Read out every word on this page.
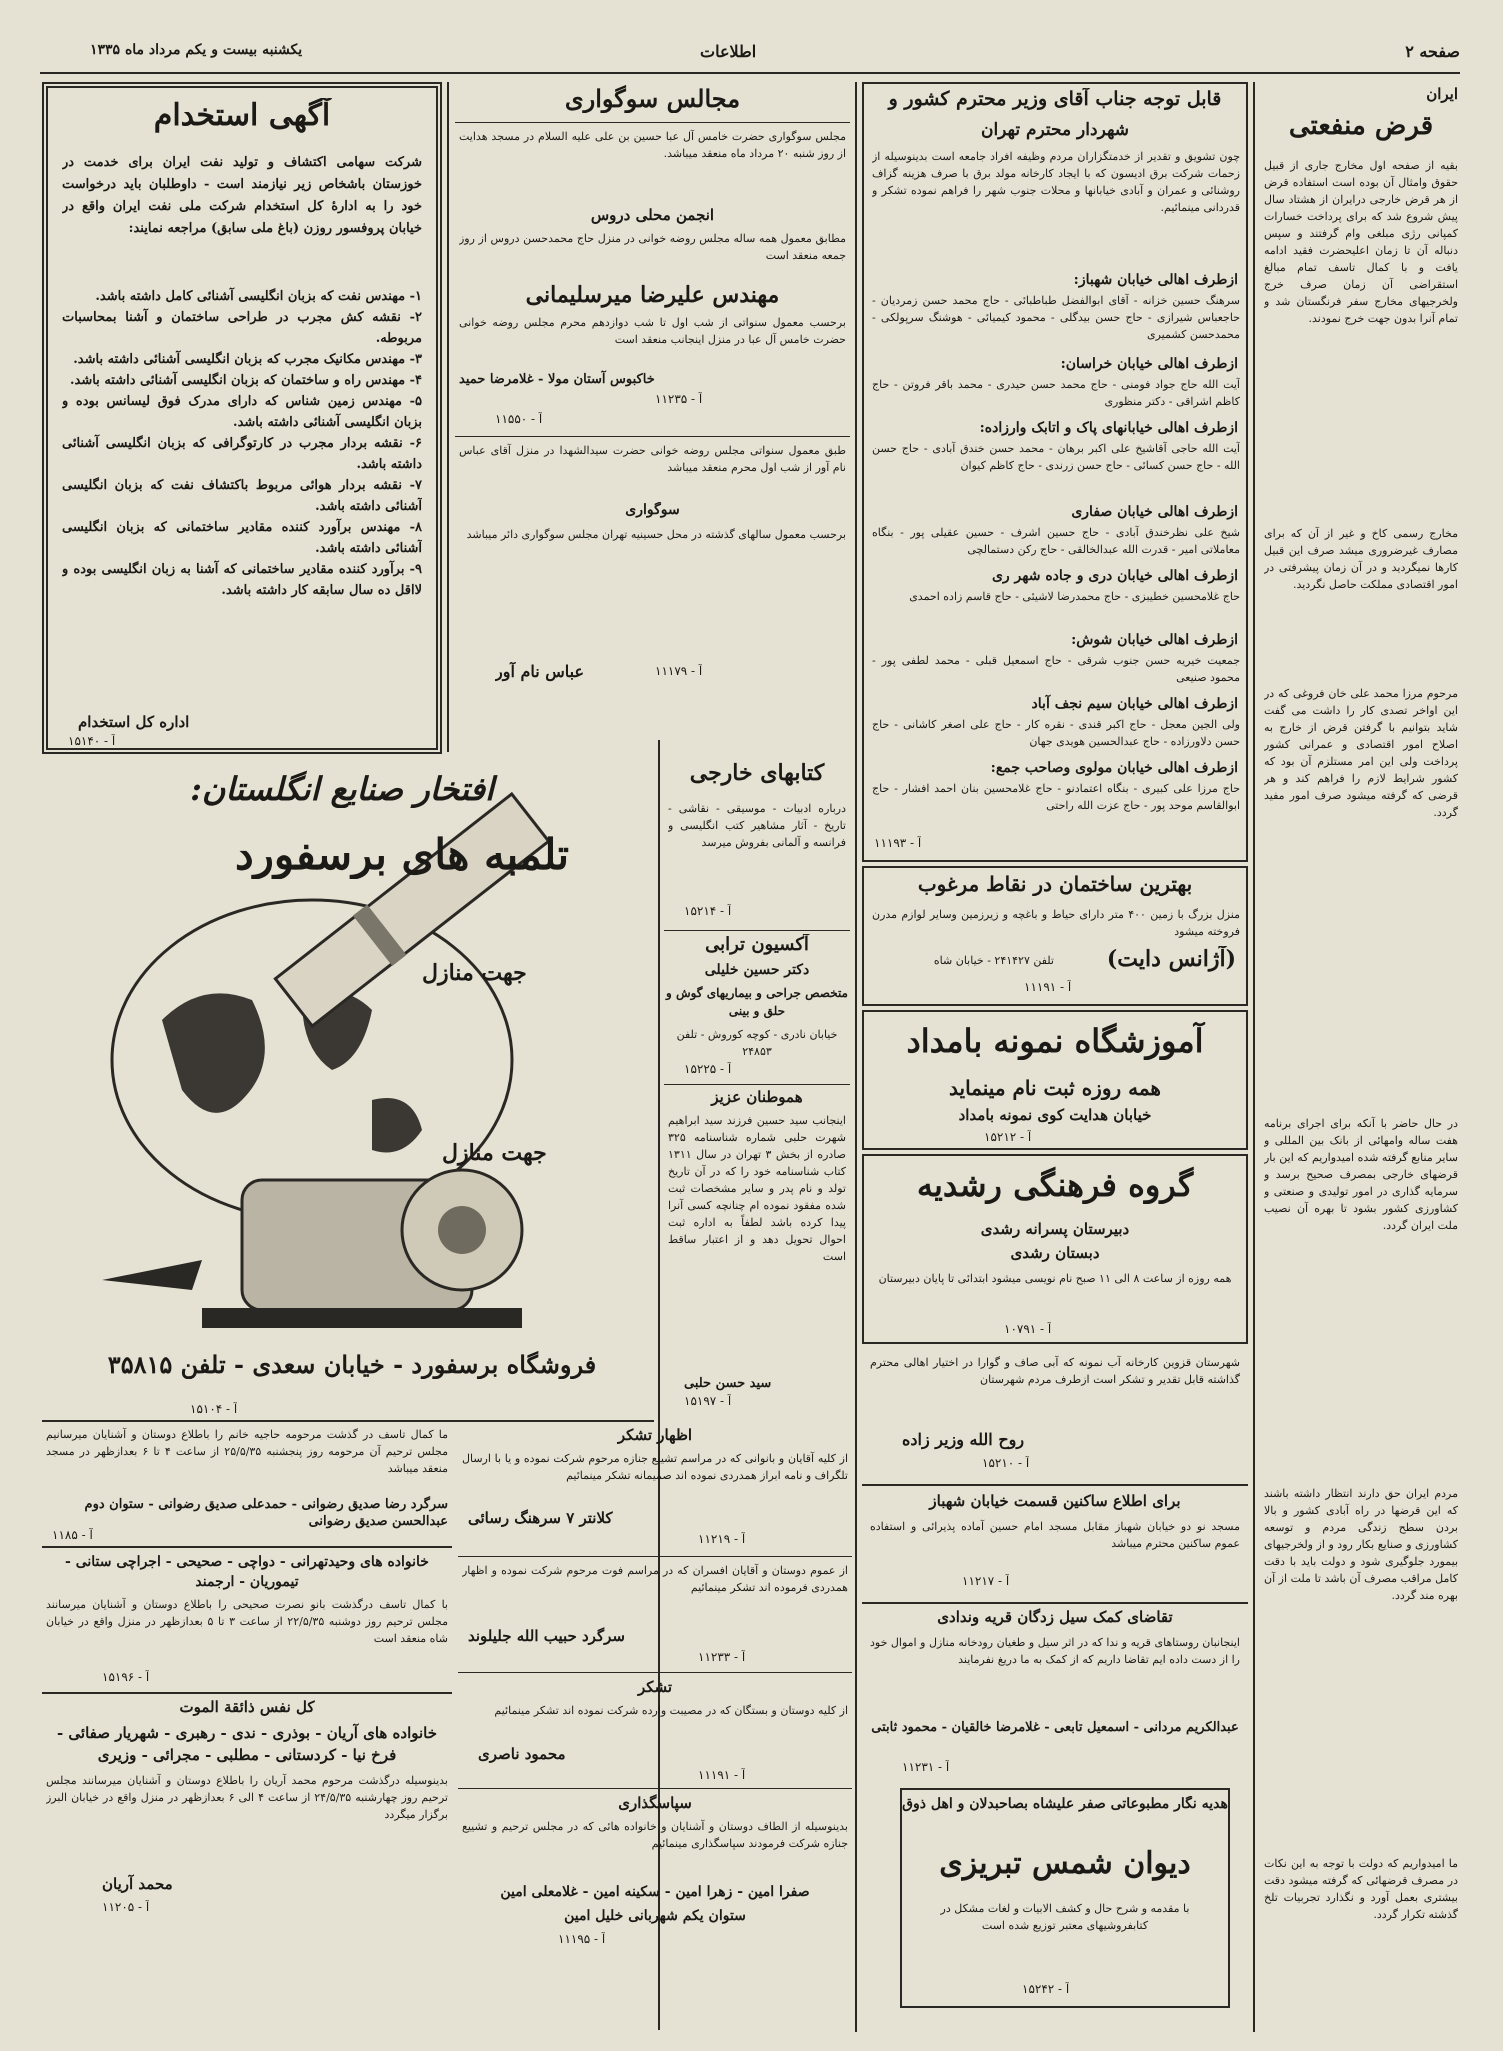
صفحه ۲
اطلاعات
یکشنبه بیست و یکم مرداد ماه ۱۳۳۵
ایران
قرض منفعتی
بقیه از صفحه اول مخارج جاری از قبیل حقوق وامثال آن بوده است استفاده قرض از هر قرض خارجی درایران از هشتاد سال پیش شروع شد که برای پرداخت خسارات کمپانی رژی مبلغی وام گرفتند و سپس دنباله آن تا زمان اعلیحضرت فقید ادامه یافت و با کمال تاسف تمام مبالغ استقراضی آن زمان صرف خرج ولخرجیهای مخارج سفر فرنگستان شد و تمام آنرا بدون جهت خرج نمودند.
مخارج رسمی کاخ و غیر از آن که برای مصارف غیرضروری میشد صرف این قبیل کارها نمیگردید و در آن زمان پیشرفتی در امور اقتصادی مملکت حاصل نگردید.
مرحوم مرزا محمد علی خان فروغی که در این اواخر تصدی کار را داشت می گفت شاید بتوانیم با گرفتن قرض از خارج به اصلاح امور اقتصادی و عمرانی کشور پرداخت ولی این امر مستلزم آن بود که کشور شرایط لازم را فراهم کند و هر قرضی که گرفته میشود صرف امور مفید گردد.
در حال حاضر با آنکه برای اجرای برنامه هفت ساله وامهائی از بانک بین المللی و سایر منابع گرفته شده امیدواریم که این بار قرضهای خارجی بمصرف صحیح برسد و سرمایه گذاری در امور تولیدی و صنعتی و کشاورزی کشور بشود تا بهره آن نصیب ملت ایران گردد.
مردم ایران حق دارند انتظار داشته باشند که این قرضها در راه آبادی کشور و بالا بردن سطح زندگی مردم و توسعه کشاورزی و صنایع بکار رود و از ولخرجیهای بیمورد جلوگیری شود و دولت باید با دقت کامل مراقب مصرف آن باشد تا ملت از آن بهره مند گردد.
ما امیدواریم که دولت با توجه به این نکات در مصرف قرضهائی که گرفته میشود دقت بیشتری بعمل آورد و نگذارد تجربیات تلخ گذشته تکرار گردد.
قابل توجه جناب آقای وزیر محترم کشور و
شهردار محترم تهران
چون تشویق و تقدیر از خدمتگزاران مردم وظیفه افراد جامعه است بدینوسیله از زحمات شرکت برق ادیسون که با ایجاد کارخانه مولد برق با صرف هزینه گزاف روشنائی و عمران و آبادی خیابانها و محلات جنوب شهر را فراهم نموده تشکر و قدردانی مینمائیم.
ازطرف اهالی خیابان شهباز:
سرهنگ حسین خزانه - آقای ابوالفضل طباطبائی - حاج محمد حسن زمردیان - حاجعباس شیرازی - حاج حسن بیدگلی - محمود کیمیائی - هوشنگ سرپولکی - محمدحسن کشمیری
ازطرف اهالی خیابان خراسان:
آیت الله حاج جواد فومنی - حاج محمد حسن حیدری - محمد باقر فروتن - حاج کاظم اشراقی - دکتر منظوری
ازطرف اهالی خیابانهای پاک و اتابک وارزاده:
آیت الله حاجی آقاشیخ علی اکبر برهان - محمد حسن خندق آبادی - حاج حسن الله - حاج حسن کسائی - حاج حسن زرندی - حاج کاظم کیوان
ازطرف اهالی خیابان صفاری
شیخ علی نظرخندق آبادی - حاج حسین اشرف - حسین عقیلی پور - بنگاه معاملاتی امیر - قدرت الله عبدالخالقی - حاج رکن دستمالچی
ازطرف اهالی خیابان دری و جاده شهر ری
حاج غلامحسین خطیبزی - حاج محمدرضا لاشیئی - حاج قاسم زاده احمدی
ازطرف اهالی خیابان شوش:
جمعیت خیریه حسن جنوب شرقی - حاج اسمعیل قبلی - محمد لطفی پور - محمود صنیعی
ازطرف اهالی خیابان سیم نجف آباد
ولی الجین معجل - حاج اکبر قندی - نقره کار - حاج علی اصغر کاشانی - حاج حسن دلاورزاده - حاج عبدالحسین هویدی جهان
ازطرف اهالی خیابان مولوی وصاحب جمع:
حاج مرزا علی کبیری - بنگاه اعتمادنو - حاج غلامحسین بنان احمد افشار - حاج ابوالقاسم موحد پور - حاج عزت الله راحتی
آ - ۱۱۱۹۳
بهترین ساختمان در نقاط مرغوب
منزل بزرگ با زمین ۴۰۰ متر دارای حیاط و باغچه و زیرزمین وسایر لوازم مدرن فروخته میشود
(آژانس دایت)
تلفن ۲۴۱۴۲۷ - خیابان شاه
آ - ۱۱۱۹۱
آموزشگاه نمونه بامداد
همه روزه ثبت نام مینماید
خیابان هدایت کوی نمونه بامداد
آ - ۱۵۲۱۲
گروه فرهنگی رشدیه
دبیرستان پسرانه رشدی
دبستان رشدی
همه روزه از ساعت ۸ الی ۱۱ صبح نام نویسی میشود ابتدائی تا پایان دبیرستان
آ - ۱۰۷۹۱
شهرستان قزوین کارخانه آب نمونه که آبی صاف و گوارا در اختیار اهالی محترم گذاشته قابل تقدیر و تشکر است ازطرف مردم شهرستان
روح الله وزیر زاده
آ - ۱۵۲۱۰
برای اطلاع ساکنین قسمت خیابان شهباز
مسجد نو دو خیابان شهباز مقابل مسجد امام حسین آماده پذیرائی و استفاده عموم ساکنین محترم میباشد
آ - ۱۱۲۱۷
تقاضای کمک سیل زدگان قریه وندادی
اینجانبان روستاهای قریه و ندا که در اثر سیل و طغیان رودخانه منازل و اموال خود را از دست داده ایم تقاضا داریم که از کمک به ما دریغ نفرمایند
عبدالکریم مردانی - اسمعیل تابعی - غلامرضا خالقیان - محمود ثابتی
آ - ۱۱۲۳۱
هدیه نگار مطبوعاتی صفر علیشاه بصاحبدلان و اهل ذوق
دیوان شمس تبریزی
با مقدمه و شرح حال و کشف الابیات و لغات مشکل در کتابفروشیهای معتبر توزیع شده است
آ - ۱۵۲۴۲
مجالس سوگواری
مجلس سوگواری حضرت خامس آل عبا حسین بن علی علیه السلام در مسجد هدایت از روز شنبه ۲۰ مرداد ماه منعقد میباشد.
انجمن محلی دروس
مطابق معمول همه ساله مجلس روضه خوانی در منزل حاج محمدحسن دروس از روز جمعه منعقد است
آ - ۱۱۵۵۰
مهندس علیرضا میرسلیمانی
برحسب معمول سنواتی از شب اول تا شب دوازدهم محرم مجلس روضه خوانی حضرت خامس آل عبا در منزل اینجانب منعقد است
خاکبوس آستان مولا - غلامرضا حمید
آ - ۱۱۲۳۵
طبق معمول سنواتی مجلس روضه خوانی حضرت سیدالشهدا در منزل آقای عباس نام آور از شب اول محرم منعقد میباشد
سوگواری
برحسب معمول سالهای گذشته در محل حسینیه تهران مجلس سوگواری دائر میباشد
عباس نام آور	آ - ۱۱۱۷۹
آگهی استخدام
شرکت سهامی اکتشاف و تولید نفت ایران برای خدمت در خوزستان باشخاص زیر نیازمند است - داوطلبان باید درخواست خود را به ادارهٔ کل استخدام شرکت ملی نفت ایران واقع در خیابان پروفسور روزن (باغ ملی سابق) مراجعه نمایند:
۱- مهندس نفت که بزبان انگلیسی آشنائی کامل داشته باشد.
۲- نقشه کش مجرب در طراحی ساختمان و آشنا بمحاسبات مربوطه.
۳- مهندس مکانیک مجرب که بزبان انگلیسی آشنائی داشته باشد.
۴- مهندس راه و ساختمان که بزبان انگلیسی آشنائی داشته باشد.
۵- مهندس زمین شناس که دارای مدرک فوق لیسانس بوده و بزبان انگلیسی آشنائی داشته باشد.
۶- نقشه بردار مجرب در کارتوگرافی که بزبان انگلیسی آشنائی داشته باشد.
۷- نقشه بردار هوائی مربوط باکتشاف نفت که بزبان انگلیسی آشنائی داشته باشد.
۸- مهندس برآورد کننده مقادیر ساختمانی که بزبان انگلیسی آشنائی داشته باشد.
۹- برآورد کننده مقادیر ساختمانی که آشنا به زبان انگلیسی بوده و لااقل ده سال سابقه کار داشته باشد.
اداره کل استخدام
آ - ۱۵۱۴۰
کتابهای خارجی
درباره ادبیات - موسیقی - نقاشی - تاریخ - آثار مشاهیر کتب انگلیسی و فرانسه و آلمانی بفروش میرسد
آ - ۱۵۲۱۴
آکسیون ترابی
دکتر حسین خلیلی
متخصص جراحی و بیماریهای گوش و حلق و بینی
خیابان نادری - کوچه کوروش - تلفن ۲۴۸۵۳
آ - ۱۵۲۲۵
هموطنان عزیز
اینجانب سید حسین فرزند سید ابراهیم شهرت حلبی شماره شناسنامه ۳۲۵ صادره از بخش ۳ تهران در سال ۱۳۱۱ کتاب شناسنامه خود را که در آن تاریخ تولد و نام پدر و سایر مشخصات ثبت شده مفقود نموده ام چنانچه کسی آنرا پیدا کرده باشد لطفاً به اداره ثبت احوال تحویل دهد و از اعتبار ساقط است
سید حسن حلبی
آ - ۱۵۱۹۷
افتخار صنایع انگلستان:
تلمبه های برسفورد
جهت منازل
جهت منازل
فروشگاه برسفورد - خیابان سعدی - تلفن ۳۵۸۱۵
آ - ۱۵۱۰۴
ما کمال تاسف در گذشت مرحومه حاجیه خانم را باطلاع دوستان و آشنایان میرسانیم مجلس ترحیم آن مرحومه روز پنجشنبه ۲۵/۵/۳۵ از ساعت ۴ تا ۶ بعدازظهر در مسجد منعقد میباشد
سرگرد رضا صدیق رضوانی - حمدعلی صدیق رضوانی - ستوان دوم عبدالحسن صدیق رضوانی
آ - ۱۱۸۵
خانواده های وحیدتهرانی - دواچی - صحیحی - اجراچی ستانی - تیموریان - ارجمند
با کمال تاسف درگذشت بانو نصرت صحیحی را باطلاع دوستان و آشنایان میرسانند مجلس ترحیم روز دوشنبه ۲۲/۵/۳۵ از ساعت ۳ تا ۵ بعدازظهر در منزل واقع در خیابان شاه منعقد است
آ - ۱۵۱۹۶
کل نفس ذائقة الموت
خانواده های آریان - بوذری - ندی - رهبری - شهریار صفائی - فرخ نیا - کردستانی - مطلبی - مجرائی - وزیری
بدینوسیله درگذشت مرحوم محمد آریان را باطلاع دوستان و آشنایان میرسانند مجلس ترحیم روز چهارشنبه ۲۴/۵/۳۵ از ساعت ۴ الی ۶ بعدازظهر در منزل واقع در خیابان البرز برگزار میگردد
محمد آریان
آ - ۱۱۲۰۵
اظهار تشکر
از کلیه آقایان و بانوانی که در مراسم تشییع جنازه مرحوم شرکت نموده و یا با ارسال تلگراف و نامه ابراز همدردی نموده اند صمیمانه تشکر مینمائیم
کلانتر ۷ سرهنگ رسائی
آ - ۱۱۲۱۹
از عموم دوستان و آقایان افسران که در مراسم فوت مرحوم شرکت نموده و اظهار همدردی فرموده اند تشکر مینمائیم
سرگرد حبیب الله جلیلوند
آ - ۱۱۲۳۳
تشکر
از کلیه دوستان و بستگان که در مصیبت وارده شرکت نموده اند تشکر مینمائیم
محمود ناصری
آ - ۱۱۱۹۱
سپاسگذاری
بدینوسیله از الطاف دوستان و آشنایان و خانواده هائی که در مجلس ترحیم و تشییع جنازه شرکت فرمودند سپاسگذاری مینمائیم
صفرا امین - زهرا امین - سکینه امین - غلامعلی امین
ستوان یکم شهربانی خلیل امین
آ - ۱۱۱۹۵
